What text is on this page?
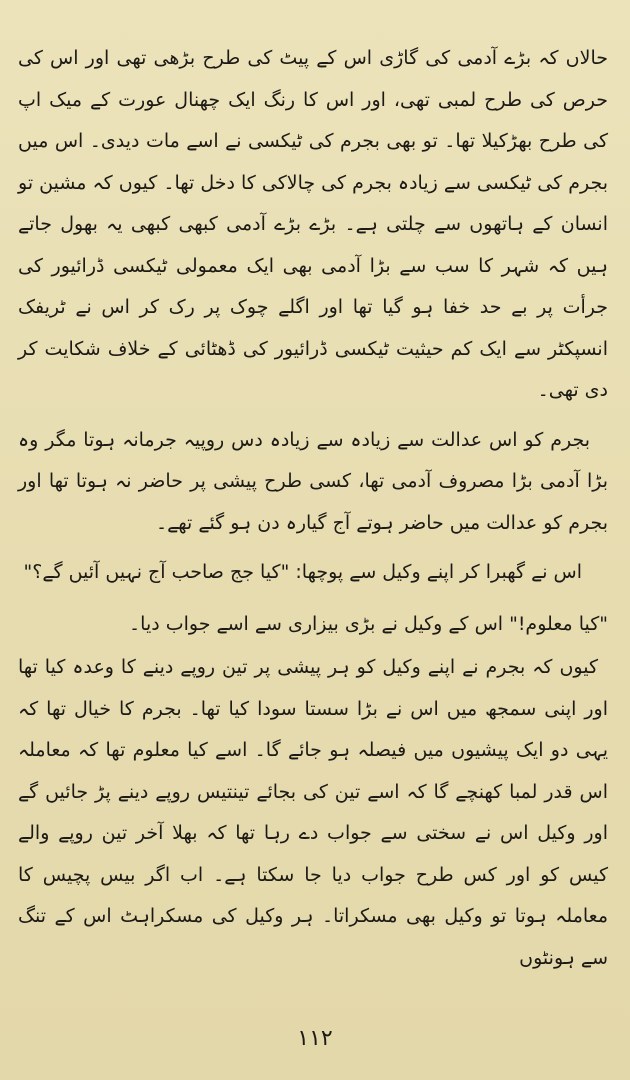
حالاں کہ بڑے آدمی کی گاڑی اس کے پیٹ کی طرح بڑھی تھی اور اس کی حرص کی طرح لمبی تھی، اور اس کا رنگ ایک چھنال عورت کے میک اپ کی طرح بھڑکیلا تھا۔ تو بھی بجرم کی ٹیکسی نے اسے مات دیدی۔ اس میں بجرم کی ٹیکسی سے زیادہ بجرم کی چالاکی کا دخل تھا۔ کیوں کہ مشین تو انسان کے ہاتھوں سے چلتی ہے۔ بڑے بڑے آدمی کبھی کبھی یہ بھول جاتے ہیں کہ شہر کا سب سے بڑا آدمی بھی ایک معمولی ٹیکسی ڈرائیور کی جرأت پر بے حد خفا ہو گیا تھا اور اگلے چوک پر رک کر اس نے ٹریفک انسپکٹر سے ایک کم حیثیت ٹیکسی ڈرائیور کی ڈھٹائی کے خلاف شکایت کر دی تھی۔

بجرم کو اس عدالت سے زیادہ سے زیادہ دس روپیہ جرمانہ ہوتا مگر وہ بڑا آدمی بڑا مصروف آدمی تھا، کسی طرح پیشی پر حاضر نہ ہوتا تھا اور بجرم کو عدالت میں حاضر ہوتے آج گیارہ دن ہو گئے تھے۔

اس نے گھبرا کر اپنے وکیل سے پوچھا: "کیا جج صاحب آج نہیں آئیں گے؟"

"کیا معلوم!" اس کے وکیل نے بڑی بیزاری سے اسے جواب دیا۔

کیوں کہ بجرم نے اپنے وکیل کو ہر پیشی پر تین روپے دینے کا وعدہ کیا تھا اور اپنی سمجھ میں اس نے بڑا سستا سودا کیا تھا۔ بجرم کا خیال تھا کہ یہی دو ایک پیشیوں میں فیصلہ ہو جائے گا۔ اسے کیا معلوم تھا کہ معاملہ اس قدر لمبا کھنچے گا کہ اسے تین کی بجائے تینتیس روپے دینے پڑ جائیں گے اور وکیل اس نے سختی سے جواب دے رہا تھا کہ بھلا آخر تین روپے والے کیس کو اور کس طرح جواب دیا جا سکتا ہے۔ اب اگر بیس پچیس کا معاملہ ہوتا تو وکیل بھی مسکراتا۔ ہر وکیل کی مسکراہٹ اس کے تنگ سے ہونٹوں

۱۱۲
